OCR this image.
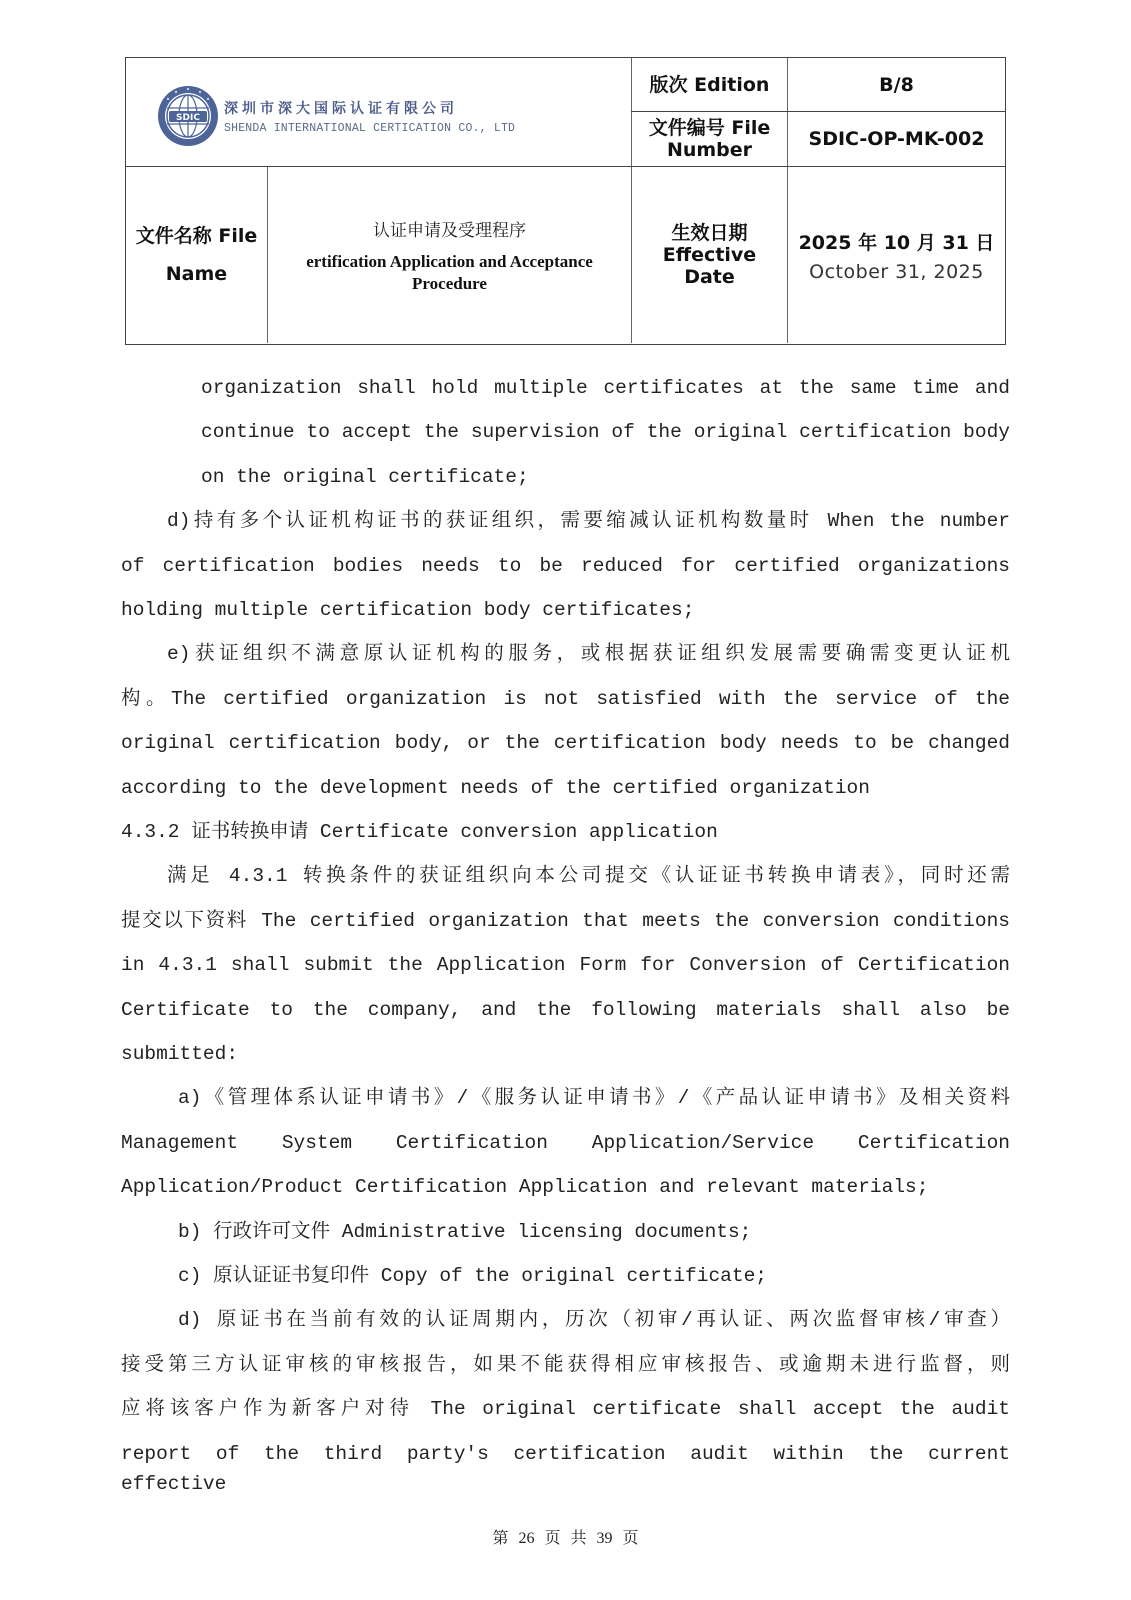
SDIC
深圳市深大国际认证有限公司
SHENDA INTERNATIONAL CERTICATION CO., LTD
版次 Edition	B/8
文件编号 File
Number	SDIC-OP-MK-002
文件名称 File
Name
认证申请及受理程序
ertification Application and Acceptance
Procedure
生效日期
Effective
Date
2025 年 10 月 31 日
October 31, 2025
organization shall hold multiple certificates at the same time and
continue to accept the supervision of the original certification body
on the original certificate;
d)持有多个认证机构证书的获证组织，需要缩减认证机构数量时 When the number
of certification bodies needs to be reduced for certified organizations
holding multiple certification body certificates;
e)获证组织不满意原认证机构的服务，或根据获证组织发展需要确需变更认证机
构。The certified organization is not satisfied with the service of the
original certification body, or the certification body needs to be changed
according to the development needs of the certified organization
4.3.2 证书转换申请 Certificate conversion application
满足 4.3.1 转换条件的获证组织向本公司提交《认证证书转换申请表》，同时还需
提交以下资料 The certified organization that meets the conversion conditions
in 4.3.1 shall submit the Application Form for Conversion of Certification
Certificate to the company, and the following materials shall also be
submitted:
a)《管理体系认证申请书》/《服务认证申请书》/《产品认证申请书》及相关资料
Management System Certification Application/Service Certification
Application/Product Certification Application and relevant materials;
b) 行政许可文件 Administrative licensing documents;
c) 原认证证书复印件 Copy of the original certificate;
d) 原证书在当前有效的认证周期内，历次（初审/再认证、两次监督审核/审查）
接受第三方认证审核的审核报告，如果不能获得相应审核报告、或逾期未进行监督，则
应将该客户作为新客户对待 The original certificate shall accept the audit
report of the third party's certification audit within the current effective
第 26 页 共 39 页
